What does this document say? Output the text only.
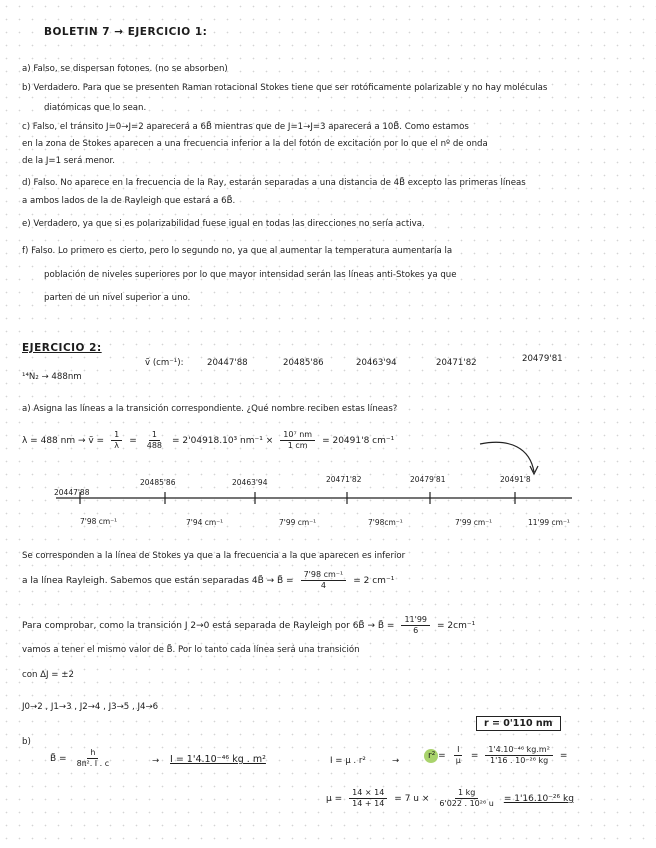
BOLETIN 7 → EJERCICIO 1:
a) Falso, se dispersan fotones. (no se absorben)
b) Verdadero. Para que se presenten Raman rotacional Stokes tiene que ser rotóficamente polarizable y no hay moléculas
diatómicas que lo sean.
c) Falso, el tránsito J=0→J=2 aparecerá a 6B̃ mientras que de J=1→J=3 aparecerá a 10B̃. Como estamos
en la zona de Stokes aparecen a una frecuencia inferior a la del fotón de excitación por lo que el nº de onda
de la J=1 será menor.
d) Falso. No aparece en la frecuencia de la Ray, estarán separadas a una distancia de 4B̃ excepto las primeras líneas
a ambos lados de la de Rayleigh que estará a 6B̃.
e) Verdadero, ya que si es polarizabilidad fuese igual en todas las direcciones no sería activa.
f) Falso. Lo primero es cierto, pero lo segundo no, ya que al aumentar la temperatura aumentaría la
población de niveles superiores por lo que mayor intensidad serán las líneas anti-Stokes ya que
parten de un nivel superior a uno.
EJERCICIO 2:
¹⁴N₂ → 488nm
ṽ (cm⁻¹):	20447'88	20485'86	20463'94	20471'82	20479'81
a) Asigna las líneas a la transición correspondiente. ¿Qué nombre reciben estas líneas?
λ = 488 nm → ṽ = $\frac{1}{\lambda} = \frac{1}{488} = 2'04918.10^3$ $nm^{-1} \times \frac{\text{10⁷ nm}}{1 cm} = 20491'8$ cm⁻¹
20447'88
20485'86	20463'94	20471'82	20479'81	20491'8
7'98 cm⁻¹	7'94 cm⁻¹	7'99 cm⁻¹	7'98cm⁻¹	7'99 cm⁻¹	11'99 cm⁻¹
Se corresponden a la línea de Stokes ya que a la frecuencia a la que aparecen es inferior
a la línea Rayleigh. Sabemos que están separadas 4B̃ → B̃ = $\frac{\text{7'98 cm⁻¹}}{4} = 2$ cm⁻¹
Para comprobar, como la transición J 2→0 está separada de Rayleigh por 6B̃ → B̃ = $\frac{11'99}{6} = 2cm^{-1}$
vamos a tener el mismo valor de B̃. Por lo tanto cada línea será una transición
con ΔJ = ±2
J0→2 , J1→3 , J2→4 , J3→5 , J4→6
r = 0'110 nm
b)
B̃ = $\frac{h}{\text{8π². I . c}}$	→ I = 1'4.10⁻⁴⁶ kg . m²	I = μ . r²	→
$r^2 = \frac{I}{\mu} = \frac{\text{1'4.10⁻⁴⁶ kg.m²}}{\text{1'16 . 10⁻²⁶ kg}}$ =
$\mu = \frac{14 \times 14}{14 + 14} = 7$ $u \times \frac{1 kg}{\text{6'022 . 10²⁶ u}} = 1'16.10^{-26}$ kg
